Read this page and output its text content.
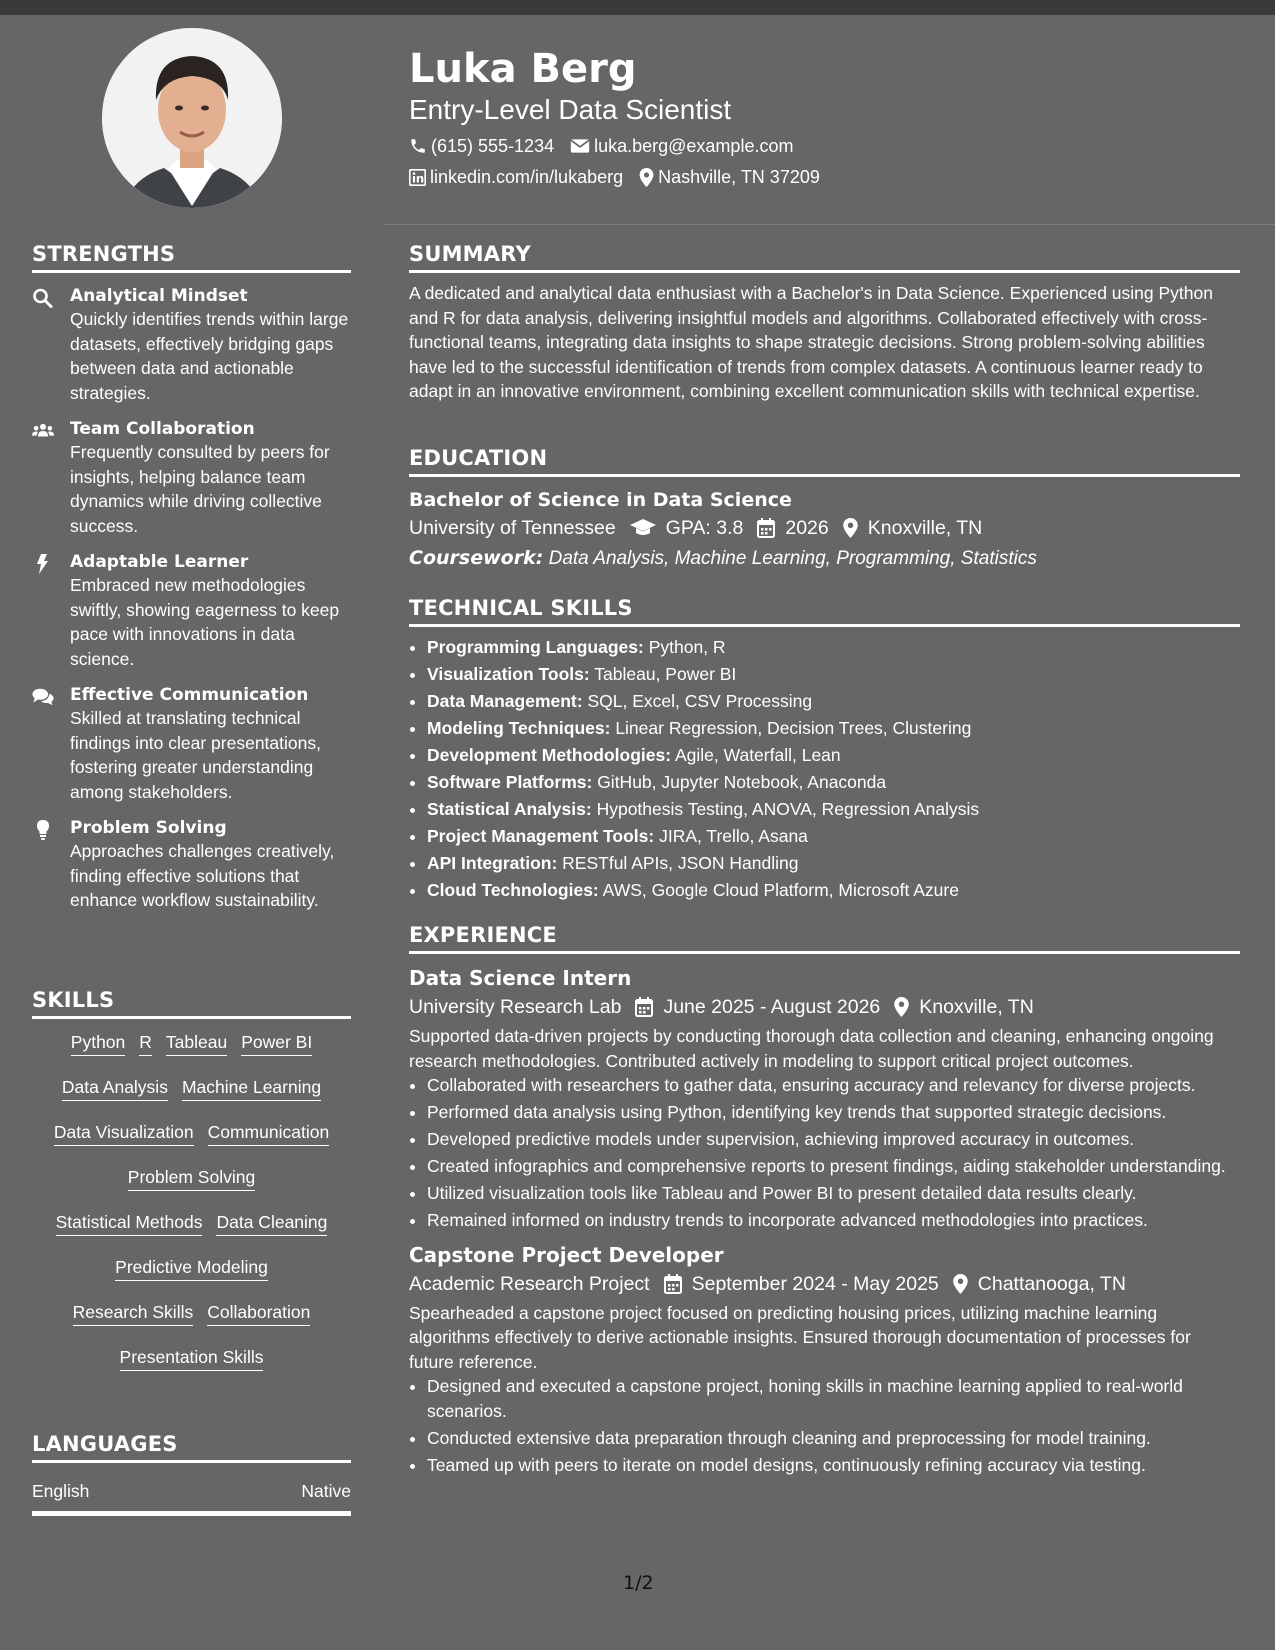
Luka Berg
Entry-Level Data Scientist
(615) 555-1234 luka.berg@example.com
linkedin.com/in/lukaberg Nashville, TN 37209
STRENGTHS
Analytical Mindset
Quickly identifies trends within large datasets, effectively bridging gaps between data and actionable strategies.
Team Collaboration
Frequently consulted by peers for insights, helping balance team dynamics while driving collective success.
Adaptable Learner
Embraced new methodologies swiftly, showing eagerness to keep pace with innovations in data science.
Effective Communication
Skilled at translating technical findings into clear presentations, fostering greater understanding among stakeholders.
Problem Solving
Approaches challenges creatively, finding effective solutions that enhance workflow sustainability.
SKILLS
Python R Tableau Power BI
Data Analysis Machine Learning
Data Visualization Communication
Problem Solving
Statistical Methods Data Cleaning
Predictive Modeling
Research Skills Collaboration
Presentation Skills
LANGUAGES
English	Native
SUMMARY
A dedicated and analytical data enthusiast with a Bachelor's in Data Science. Experienced using Python and R for data analysis, delivering insightful models and algorithms. Collaborated effectively with cross-functional teams, integrating data insights to shape strategic decisions. Strong problem-solving abilities have led to the successful identification of trends from complex datasets. A continuous learner ready to adapt in an innovative environment, combining excellent communication skills with technical expertise.
EDUCATION
Bachelor of Science in Data Science
University of Tennessee	GPA: 3.8 2026 Knoxville, TN
Coursework: Data Analysis, Machine Learning, Programming, Statistics
TECHNICAL SKILLS
• Programming Languages: Python, R
• Visualization Tools: Tableau, Power BI
• Data Management: SQL, Excel, CSV Processing
• Modeling Techniques: Linear Regression, Decision Trees, Clustering
• Development Methodologies: Agile, Waterfall, Lean
• Software Platforms: GitHub, Jupyter Notebook, Anaconda
• Statistical Analysis: Hypothesis Testing, ANOVA, Regression Analysis
• Project Management Tools: JIRA, Trello, Asana
• API Integration: RESTful APIs, JSON Handling
• Cloud Technologies: AWS, Google Cloud Platform, Microsoft Azure
EXPERIENCE
Data Science Intern
University Research Lab June 2025 - August 2026 Knoxville, TN
Supported data-driven projects by conducting thorough data collection and cleaning, enhancing ongoing research methodologies. Contributed actively in modeling to support critical project outcomes.
• Collaborated with researchers to gather data, ensuring accuracy and relevancy for diverse projects.
• Performed data analysis using Python, identifying key trends that supported strategic decisions.
• Developed predictive models under supervision, achieving improved accuracy in outcomes.
• Created infographics and comprehensive reports to present findings, aiding stakeholder understanding.
• Utilized visualization tools like Tableau and Power BI to present detailed data results clearly.
• Remained informed on industry trends to incorporate advanced methodologies into practices.
Capstone Project Developer
Academic Research Project September 2024 - May 2025 Chattanooga, TN
Spearheaded a capstone project focused on predicting housing prices, utilizing machine learning algorithms effectively to derive actionable insights. Ensured thorough documentation of processes for future reference.
• Designed and executed a capstone project, honing skills in machine learning applied to real-world scenarios.
• Conducted extensive data preparation through cleaning and preprocessing for model training.
• Teamed up with peers to iterate on model designs, continuously refining accuracy via testing.
1/2
